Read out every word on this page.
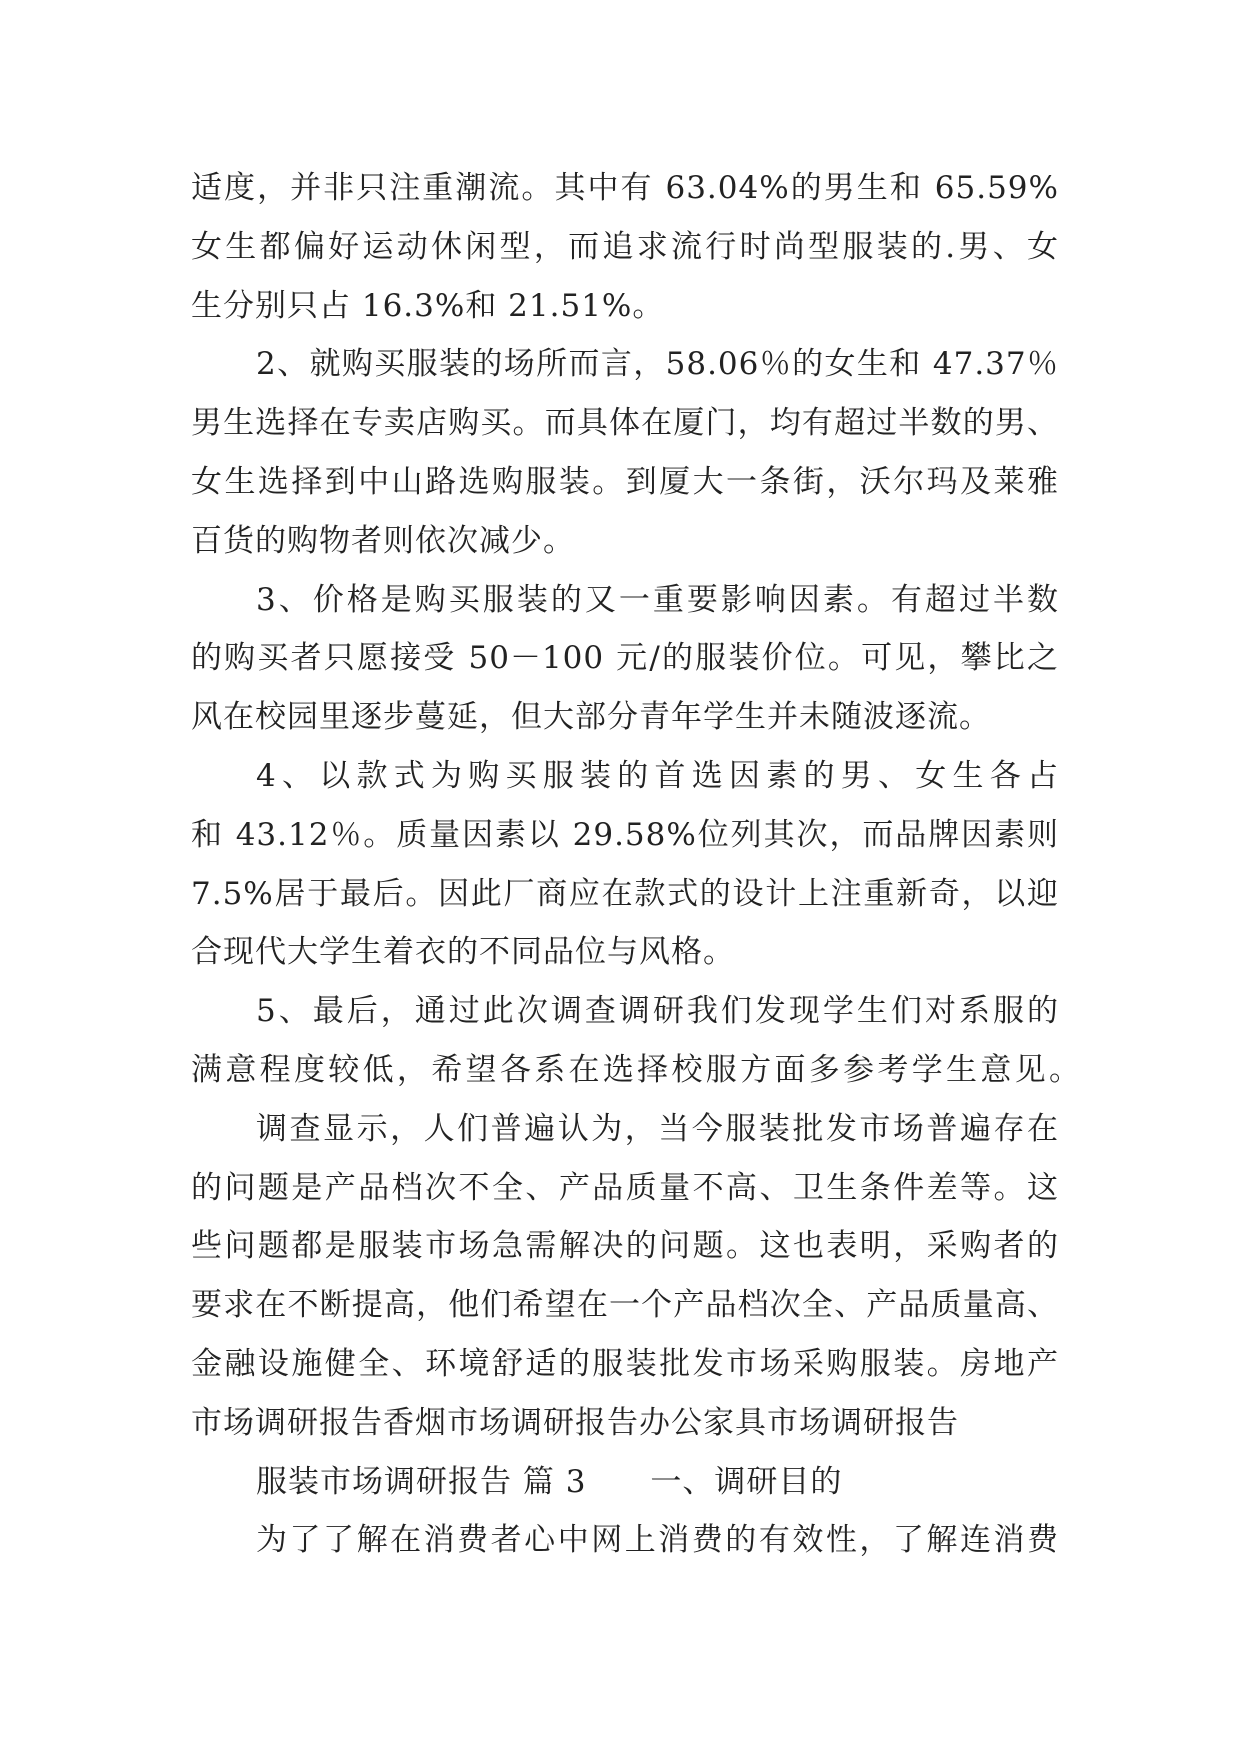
适度，并非只注重潮流。其中有 63.04%的男生和 65.59%
女生都偏好运动休闲型，而追求流行时尚型服装的.男、女
生分别只占 16.3%和 21.51%。
2、就购买服装的场所而言，58.06％的女生和 47.37％
男生选择在专卖店购买。而具体在厦门，均有超过半数的男、
女生选择到中山路选购服装。到厦大一条街，沃尔玛及莱雅
百货的购物者则依次减少。
3、价格是购买服装的又一重要影响因素。有超过半数
的购买者只愿接受 50－100 元/的服装价位。可见，攀比之
风在校园里逐步蔓延，但大部分青年学生并未随波逐流。
4、以款式为购买服装的首选因素的男、女生各占
和 43.12％。质量因素以 29.58%位列其次，而品牌因素则
7.5%居于最后。因此厂商应在款式的设计上注重新奇，以迎
合现代大学生着衣的不同品位与风格。
5、最后，通过此次调查调研我们发现学生们对系服的
满意程度较低，希望各系在选择校服方面多参考学生意见。
调查显示，人们普遍认为，当今服装批发市场普遍存在
的问题是产品档次不全、产品质量不高、卫生条件差等。这
些问题都是服装市场急需解决的问题。这也表明，采购者的
要求在不断提高，他们希望在一个产品档次全、产品质量高、
金融设施健全、环境舒适的服装批发市场采购服装。房地产
市场调研报告香烟市场调研报告办公家具市场调研报告
服装市场调研报告 篇 3　　一、调研目的
为了了解在消费者心中网上消费的有效性，了解连消费
